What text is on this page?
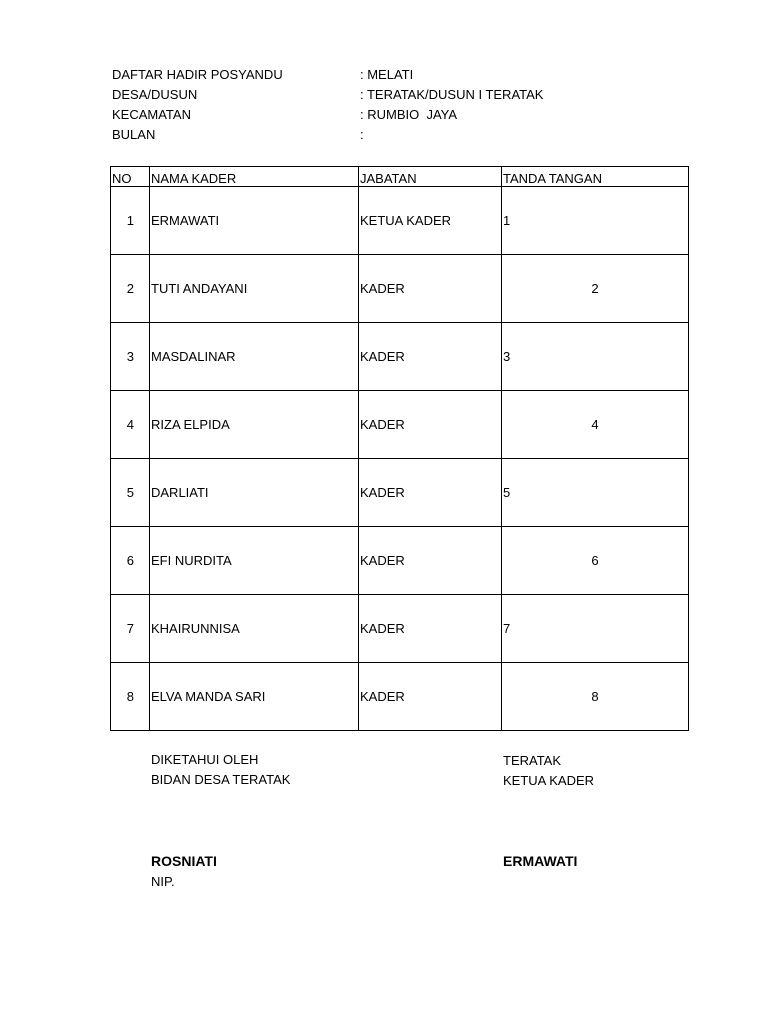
DAFTAR HADIR POSYANDU	: MELATI
DESA/DUSUN	: TERATAK/DUSUN I TERATAK
KECAMATAN	: RUMBIO  JAYA
BULAN	:
NO	NAMA KADER	JABATAN	TANDA TANGAN
1	ERMAWATI	KETUA KADER	1
2	TUTI ANDAYANI	KADER	2
3	MASDALINAR	KADER	3
4	RIZA ELPIDA	KADER	4
5	DARLIATI	KADER	5
6	EFI NURDITA	KADER	6
7	KHAIRUNNISA	KADER	7
8	ELVA MANDA SARI	KADER	8
DIKETAHUI OLEH
BIDAN DESA TERATAK
ROSNIATI
NIP.
TERATAK
KETUA KADER
ERMAWATI
